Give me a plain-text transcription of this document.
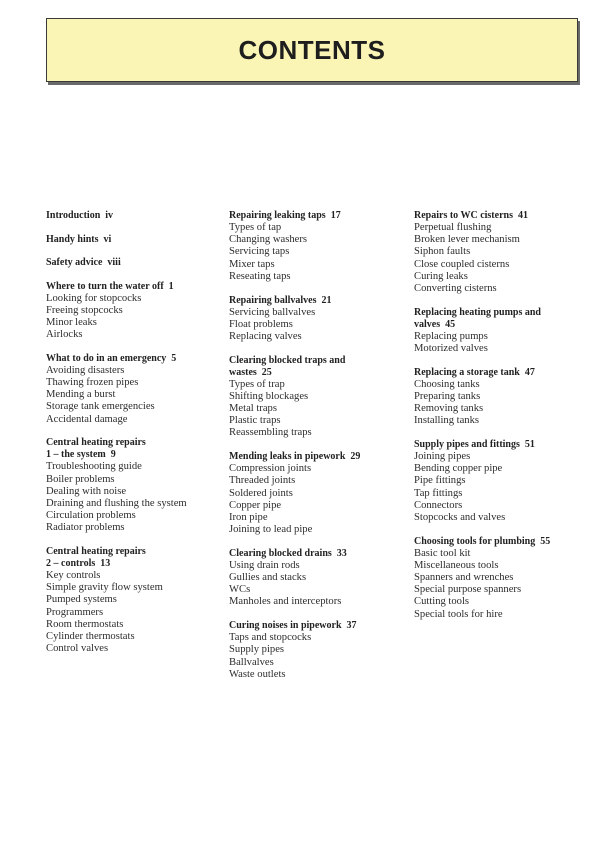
CONTENTS
Introduction iv
Handy hints vi
Safety advice viii
Where to turn the water off 1
Looking for stopcocks
Freeing stopcocks
Minor leaks
Airlocks
What to do in an emergency 5
Avoiding disasters
Thawing frozen pipes
Mending a burst
Storage tank emergencies
Accidental damage
Central heating repairs
1 – the system 9
Troubleshooting guide
Boiler problems
Dealing with noise
Draining and flushing the system
Circulation problems
Radiator problems
Central heating repairs
2 – controls 13
Key controls
Simple gravity flow system
Pumped systems
Programmers
Room thermostats
Cylinder thermostats
Control valves
Repairing leaking taps 17
Types of tap
Changing washers
Servicing taps
Mixer taps
Reseating taps
Repairing ballvalves 21
Servicing ballvalves
Float problems
Replacing valves
Clearing blocked traps and
wastes 25
Types of trap
Shifting blockages
Metal traps
Plastic traps
Reassembling traps
Mending leaks in pipework 29
Compression joints
Threaded joints
Soldered joints
Copper pipe
Iron pipe
Joining to lead pipe
Clearing blocked drains 33
Using drain rods
Gullies and stacks
WCs
Manholes and interceptors
Curing noises in pipework 37
Taps and stopcocks
Supply pipes
Ballvalves
Waste outlets
Repairs to WC cisterns 41
Perpetual flushing
Broken lever mechanism
Siphon faults
Close coupled cisterns
Curing leaks
Converting cisterns
Replacing heating pumps and
valves 45
Replacing pumps
Motorized valves
Replacing a storage tank 47
Choosing tanks
Preparing tanks
Removing tanks
Installing tanks
Supply pipes and fittings 51
Joining pipes
Bending copper pipe
Pipe fittings
Tap fittings
Connectors
Stopcocks and valves
Choosing tools for plumbing 55
Basic tool kit
Miscellaneous tools
Spanners and wrenches
Special purpose spanners
Cutting tools
Special tools for hire
